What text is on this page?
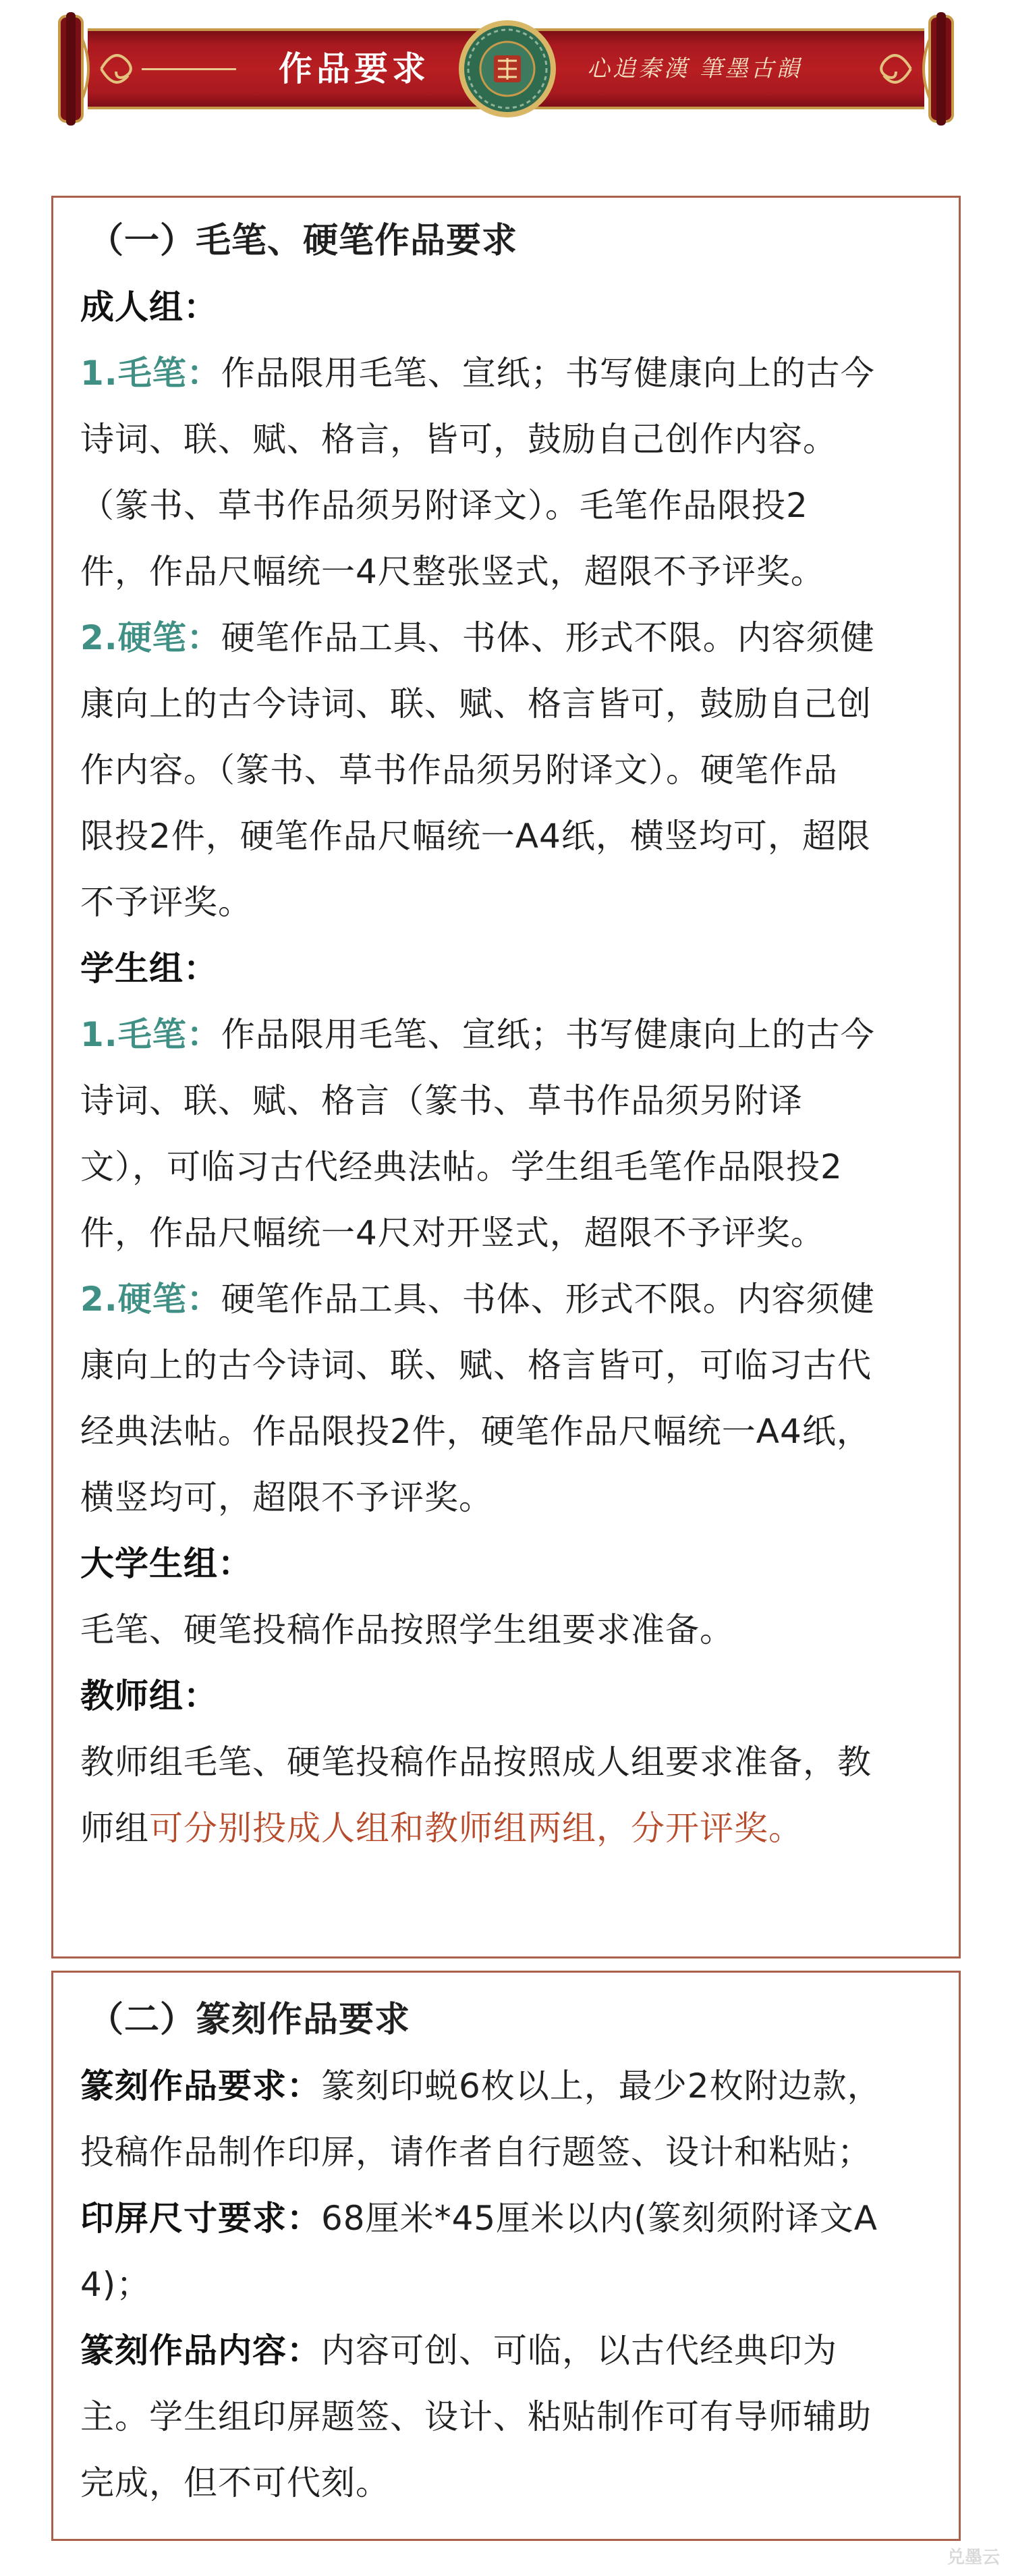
作品要求	心追秦漢 筆墨古韻
（一）毛笔、硬笔作品要求
成人组：
1.毛笔：作品限用毛笔、宣纸；书写健康向上的古今
诗词、联、赋、格言，皆可，鼓励自己创作内容。
（篆书、草书作品须另附译文）。毛笔作品限投2
件，作品尺幅统一4尺整张竖式，超限不予评奖。
2.硬笔：硬笔作品工具、书体、形式不限。内容须健
康向上的古今诗词、联、赋、格言皆可，鼓励自己创
作内容。（篆书、草书作品须另附译文）。硬笔作品
限投2件，硬笔作品尺幅统一A4纸，横竖均可，超限
不予评奖。
学生组：
1.毛笔：作品限用毛笔、宣纸；书写健康向上的古今
诗词、联、赋、格言（篆书、草书作品须另附译
文），可临习古代经典法帖。学生组毛笔作品限投2
件，作品尺幅统一4尺对开竖式，超限不予评奖。
2.硬笔：硬笔作品工具、书体、形式不限。内容须健
康向上的古今诗词、联、赋、格言皆可，可临习古代
经典法帖。作品限投2件，硬笔作品尺幅统一A4纸，
横竖均可，超限不予评奖。
大学生组：
毛笔、硬笔投稿作品按照学生组要求准备。
教师组：
教师组毛笔、硬笔投稿作品按照成人组要求准备，教
师组可分别投成人组和教师组两组，分开评奖。
（二）篆刻作品要求
篆刻作品要求：篆刻印蜕6枚以上，最少2枚附边款，
投稿作品制作印屏，请作者自行题签、设计和粘贴；
印屏尺寸要求：68厘米*45厘米以内(篆刻须附译文A
4)；
篆刻作品内容：内容可创、可临，以古代经典印为
主。学生组印屏题签、设计、粘贴制作可有导师辅助
完成，但不可代刻。
兑墨云
